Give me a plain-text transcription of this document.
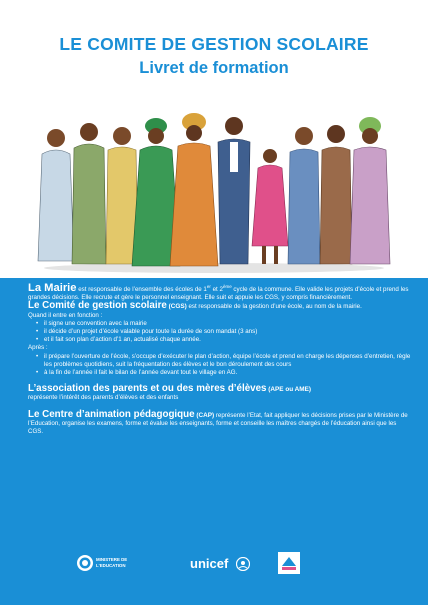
LE COMITE DE GESTION SCOLAIRE
Livret de formation

La Mairie est responsable de l’ensemble des écoles de 1er et 2ème cycle de la commune. Elle valide les projets d’école et prend les grandes décisions. Elle recrute et gère le personnel enseignant. Elle suit et appuie les CGS, y compris financièrement.

Le Comité de gestion scolaire (CGS) est responsable de la gestion d’une école, au nom de la mairie.

Quand il entre en fonction :

• il signe une convention avec la mairie
• il décide d’un projet d’école valable pour toute la durée de son mandat (3 ans)
• et il fait son plan d’action d’1 an, actualisé chaque année.

Après :

• il prépare l’ouverture de l’école, s’occupe d’exécuter le plan d’action, équipe l’école et prend en charge les dépenses d’entretien, règle les problèmes quotidiens, suit la fréquentation des élèves et le bon déroulement des cours
• à la fin de l’année il fait le bilan de l’année devant tout le village en AG.

L’association des parents et ou des mères d’élèves (APE ou AME)

représente l’intérêt des parents d’élèves et des enfants

Le Centre d’animation pédagogique (CAP) représente l’Etat, fait appliquer les décisions prises par le Ministère de l’Education, organise les examens, forme et évalue les enseignants, forme et conseille les maîtres chargés de l’éducation ainsi que les CGS.

MINISTERE DE
L'EDUCATION	unicef
